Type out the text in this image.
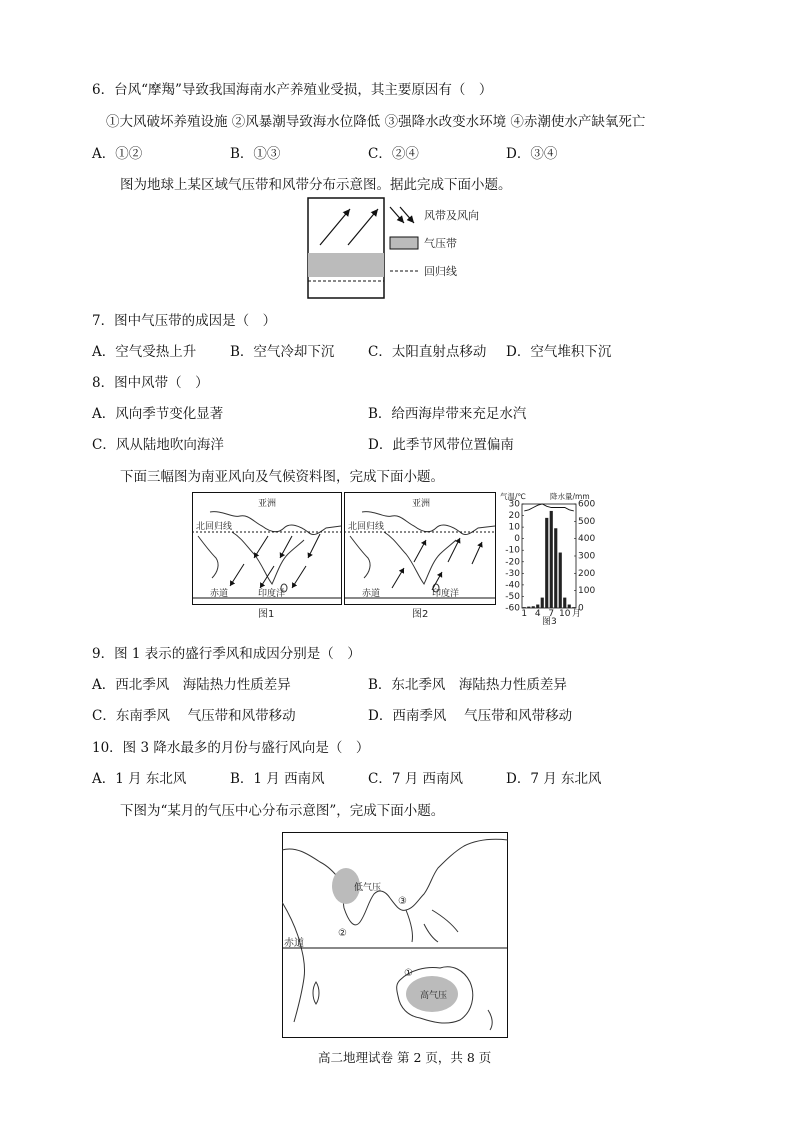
6．台风“摩羯”导致我国海南水产养殖业受损，其主要原因有（　）
①大风破坏养殖设施 ②风暴潮导致海水位降低 ③强降水改变水环境 ④赤潮使水产缺氧死亡
A．①②	B．①③	C．②④	D．③④
图为地球上某区域气压带和风带分布示意图。据此完成下面小题。
风带及风向
气压带
回归线
7．图中气压带的成因是（　）
A．空气受热上升	B．空气冷却下沉 C．太阳直射点移动 D．空气堆积下沉
8．图中风带（　）
A．风向季节变化显著	B．给西海岸带来充足水汽
C．风从陆地吹向海洋	D．此季节风带位置偏南
下面三幅图为南亚风向及气候资料图，完成下面小题。
亚洲
北回归线
赤道	印度洋
图1
亚洲
北回归线
赤道	印度洋
图2
气温/℃	降水量/mm
30
20
10
0
-10
-20
-30
-40
-50
-60
600
500
400
300
200
100
0
1 4 7 10 月
图3
9．图 1 表示的盛行季风和成因分别是（　）
A．西北季风　海陆热力性质差异	B．东北季风　海陆热力性质差异
C．东南季风　 气压带和风带移动	D．西南季风　 气压带和风带移动
10．图 3 降水最多的月份与盛行风向是（　）
A．1 月 东北风	B．1 月 西南风	C．7 月 西南风	D．7 月 东北风
下图为“某月的气压中心分布示意图”，完成下面小题。
低气压
高气压
赤道
①
②
③
高二地理试卷 第 2 页，共 8 页
